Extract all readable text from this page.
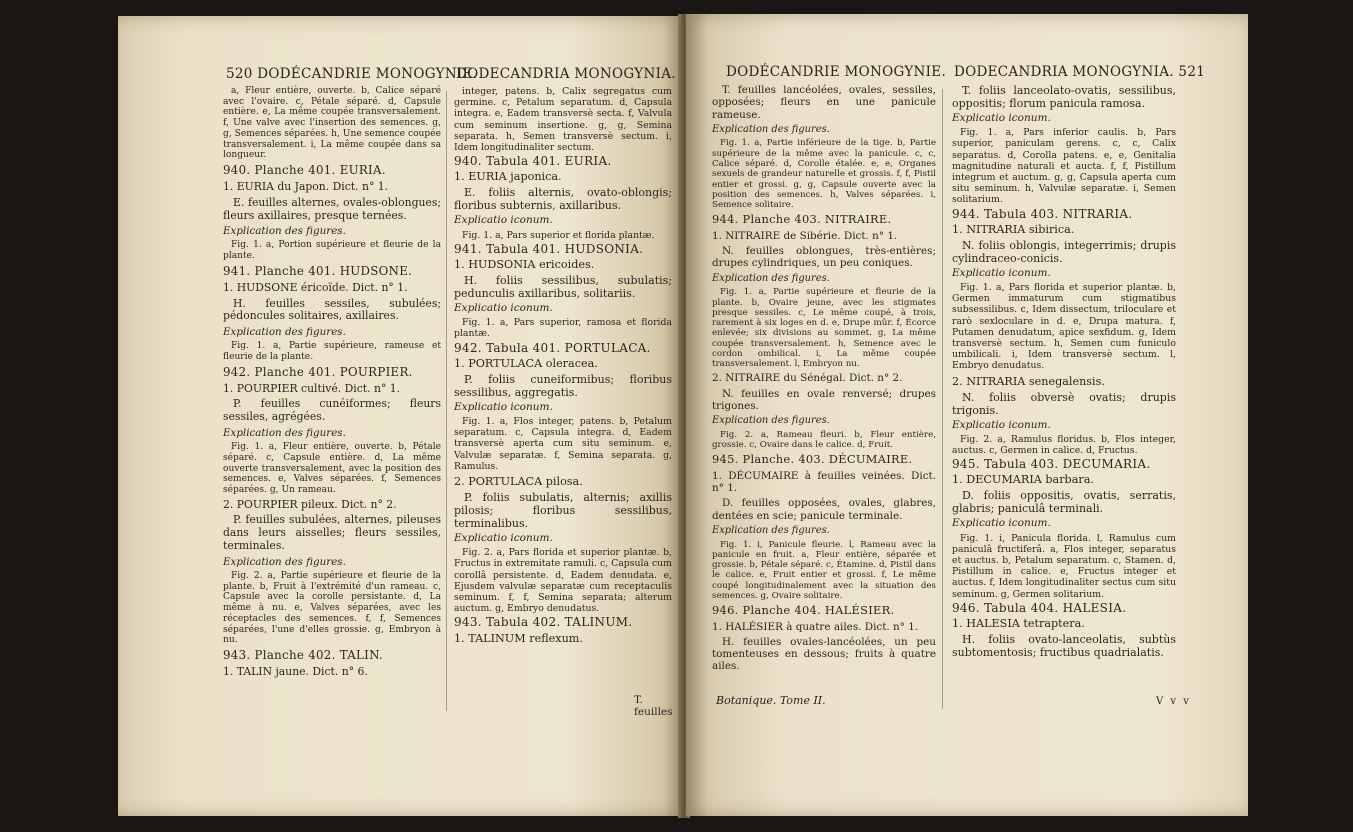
520 DODÉCANDRIE MONOGYNIE.
DODECANDRIA MONOGYNIA.

a, Fleur entière, ouverte. b, Calice séparé avec l'ovaire. c, Pétale séparé. d, Capsule entière. e, La même coupée transversalement. f, Une valve avec l'insertion des semences. g, g, Semences séparées. h, Une semence coupée transversalement. i, La même coupée dans sa longueur.

940. Planche 401. EURIA.

1. EURIA du Japon. Dict. n° 1.

E. feuilles alternes, ovales-oblongues; fleurs axillaires, presque ternées.

Explication des figures.

Fig. 1. a, Portion supérieure et fleurie de la plante.

941. Planche 401. HUDSONE.

1. HUDSONE éricoïde. Dict. n° 1.

H. feuilles sessiles, subulées; pédoncules solitaires, axillaires.

Explication des figures.

Fig. 1. a, Partie supérieure, rameuse et fleurie de la plante.

942. Planche 401. POURPIER.

1. POURPIER cultivé. Dict. n° 1.

P. feuilles cunéiformes; fleurs sessiles, agrégées.

Explication des figures.

Fig. 1. a, Fleur entière, ouverte. b, Pétale séparé. c, Capsule entière. d, La même ouverte transversalement, avec la position des semences. e, Valves séparées. f, Semences séparées. g, Un rameau.

2. POURPIER pileux. Dict. n° 2.

P. feuilles subulées, alternes, pileuses dans leurs aisselles; fleurs sessiles, terminales.

Explication des figures.

Fig. 2. a, Partie supérieure et fleurie de la plante. b, Fruit à l'extrémité d'un rameau. c, Capsule avec la corolle persistante. d, La même à nu. e, Valves séparées, avec les réceptacles des semences. f, f, Semences séparées, l'une d'elles grossie. g, Embryon à nu.

943. Planche 402. TALIN.

1. TALIN jaune. Dict. n° 6.

integer, patens. b, Calix segregatus cum germine. c, Petalum separatum. d, Capsula integra. e, Eadem transversè secta. f, Valvula cum seminum insertione. g, g, Semina separata. h, Semen transversè sectum. i, Idem longitudinaliter sectum.

940. Tabula 401. EURIA.

1. EURIA japonica.

E. foliis alternis, ovato-oblongis; floribus subternis, axillaribus.

Explicatio iconum.

Fig. 1. a, Pars superior et florida plantæ.

941. Tabula 401. HUDSONIA.

1. HUDSONIA ericoides.

H. foliis sessilibus, subulatis; pedunculis axillaribus, solitariis.

Explicatio iconum.

Fig. 1. a, Pars superior, ramosa et florida plantæ.

942. Tabula 401. PORTULACA.

1. PORTULACA oleracea.

P. foliis cuneiformibus; floribus sessilibus, aggregatis.

Explicatio iconum.

Fig. 1. a, Flos integer, patens. b, Petalum separatum. c, Capsula integra. d, Eadem transversè aperta cum situ seminum. e, Valvulæ separatæ. f, Semina separata. g, Ramulus.

2. PORTULACA pilosa.

P. foliis subulatis, alternis; axillis pilosis; floribus sessilibus, terminalibus.

Explicatio iconum.

Fig. 2. a, Pars florida et superior plantæ. b, Fructus in extremitate ramuli. c, Capsula cum corollâ persistente. d, Eadem denudata. e, Ejusdem valvulæ separatæ cum receptaculis seminum. f, f, Semina separata; alterum auctum. g, Embryo denudatus.

943. Tabula 402. TALINUM.

1. TALINUM reflexum.

T. feuilles
DODÉCANDRIE MONOGYNIE. DODECANDRIA MONOGYNIA. 521

T. feuilles lancéolées, ovales, sessiles, opposées; fleurs en une panicule rameuse.

Explication des figures.

Fig. 1. a, Partie inférieure de la tige. b, Partie supérieure de la même avec la panicule. c, c, Calice séparé. d, Corolle étalée. e, e, Organes sexuels de grandeur naturelle et grossis. f, f, Pistil entier et grossi. g, g, Capsule ouverte avec la position des semences. h, Valves séparées. i, Semence solitaire.

944. Planche 403. NITRAIRE.

1. NITRAIRE de Sibérie. Dict. n° 1.

N. feuilles oblongues, très-entières; drupes cylindriques, un peu coniques.

Explication des figures.

Fig. 1. a, Partie supérieure et fleurie de la plante. b, Ovaire jeune, avec les stigmates presque sessiles. c, Le même coupé, à trois, rarement à six loges en d. e, Drupe mûr. f, Écorce enlevée; six divisions au sommet. g, La même coupée transversalement. h, Semence avec le cordon ombilical. i, La même coupée transversalement. l, Embryon nu.

2. NITRAIRE du Sénégal. Dict. n° 2.

N. feuilles en ovale renversé; drupes trigones.

Explication des figures.

Fig. 2. a, Rameau fleuri. b, Fleur entière, grossie. c, Ovaire dans le calice. d, Fruit.

945. Planche. 403. DÉCUMAIRE.

1. DÉCUMAIRE à feuilles veinées. Dict. n° 1.

D. feuilles opposées, ovales, glabres, dentées en scie; panicule terminale.

Explication des figures.

Fig. 1. i, Panicule fleurie. l, Rameau avec la panicule en fruit. a, Fleur entière, séparée et grossie. b, Pétale séparé. c, Étamine. d, Pistil dans le calice. e, Fruit entier et grossi. f, Le même coupé longitudinalement avec la situation des semences. g, Ovaire solitaire.

946. Planche 404. HALÉSIER.

1. HALÉSIER à quatre ailes. Dict. n° 1.

H. feuilles ovales-lancéolées, un peu tomenteuses en dessous; fruits à quatre ailes.

T. foliis lanceolato-ovatis, sessilibus, oppositis; florum panicula ramosa.

Explicatio iconum.

Fig. 1. a, Pars inferior caulis. b, Pars superior, paniculam gerens. c, c, Calix separatus. d, Corolla patens. e, e, Genitalia magnitudine naturali et aucta. f, f, Pistillum integrum et auctum. g, g, Capsula aperta cum situ seminum. h, Valvulæ separatæ. i, Semen solitarium.

944. Tabula 403. NITRARIA.

1. NITRARIA sibirica.

N. foliis oblongis, integerrimis; drupis cylindraceo-conicis.

Explicatio iconum.

Fig. 1. a, Pars florida et superior plantæ. b, Germen immaturum cum stigmatibus subsessilibus. c, Idem dissectum, triloculare et rarò sexloculare in d. e, Drupa matura. f, Putamen denudatum, apice sexfidum. g, Idem transversè sectum. h, Semen cum funiculo umbilicali. i, Idem transversè sectum. l, Embryo denudatus.

2. NITRARIA senegalensis.

N. foliis obversè ovatis; drupis trigonis.

Explicatio iconum.

Fig. 2. a, Ramulus floridus. b, Flos integer, auctus. c, Germen in calice. d, Fructus.

945. Tabula 403. DECUMARIA.

1. DECUMARIA barbara.

D. foliis oppositis, ovatis, serratis, glabris; paniculâ terminali.

Explicatio iconum.

Fig. 1. i, Panicula florida. l, Ramulus cum paniculâ fructiferâ. a, Flos integer, separatus et auctus. b, Petalum separatum. c, Stamen. d, Pistillum in calice. e, Fructus integer et auctus. f, Idem longitudinaliter sectus cum situ seminum. g, Germen solitarium.

946. Tabula 404. HALESIA.

1. HALESIA tetraptera.

H. foliis ovato-lanceolatis, subtùs subtomentosis; fructibus quadrialatis.

Botanique. Tome II.	V v v
